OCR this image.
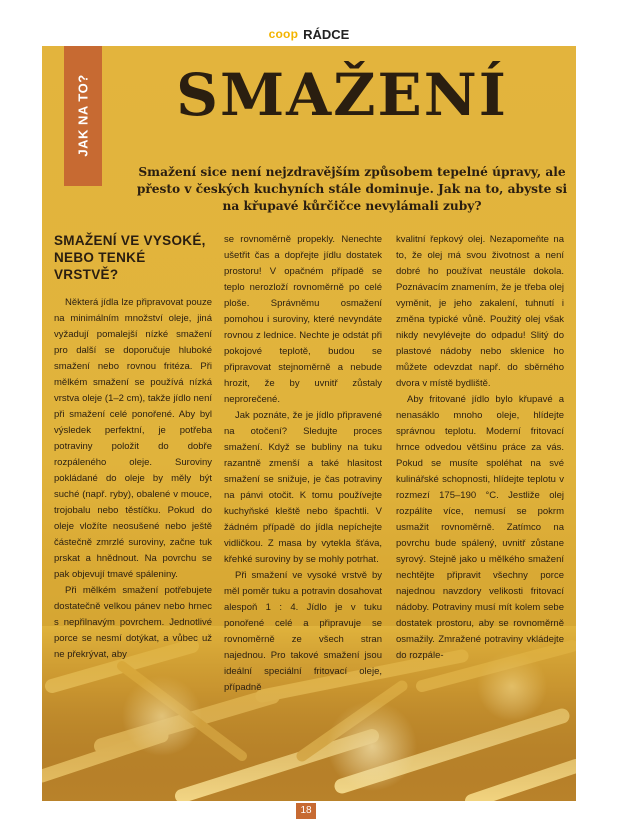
coop RÁDCE
JAK NA TO?	SMAŽENÍ
Smažení sice není nejzdravějším způsobem tepelné úpravy, ale přesto v českých kuchyních stále dominuje. Jak na to, abyste si na křupavé kůrčičce nevylámali zuby?
SMAŽENÍ VE VYSOKÉ, NEBO TENKÉ VRSTVĚ?

Některá jídla lze připravovat pouze na minimálním množství oleje, jiná vyžadují pomalejší nízké smažení pro další se doporučuje hluboké smažení nebo rovnou fritéza. Při mělkém smažení se používá nízká vrstva oleje (1–2 cm), takže jídlo není při smažení celé ponořené. Aby byl výsledek perfektní, je potřeba potraviny položit do dobře rozpáleného oleje. Suroviny pokládané do oleje by měly být suché (např. ryby), obalené v mouce, trojobalu nebo těstíčku. Pokud do oleje vložíte neosušené nebo ještě částečně zmrzlé suroviny, začne tuk prskat a hnědnout. Na povrchu se pak objevují tmavé spáleniny.

Při mělkém smažení potřebujete dostatečně velkou pánev nebo hrnec s nepřilnavým povrchem. Jednotlivé porce se nesmí dotýkat, a vůbec už ne překrývat, aby

se rovnoměrně propekly. Nenechte ušetřit čas a dopřejte jídlu dostatek prostoru! V opačném případě se teplo nerozloží rovnoměrně po celé ploše. Správněmu osmažení pomohou i suroviny, které nevyndáte rovnou z lednice. Nechte je odstát při pokojové teplotě, budou se připravovat stejnoměrně a nebude hrozit, že by uvnitř zůstaly neprorečené.

Jak poznáte, že je jídlo připravené na otočení? Sledujte proces smažení. Když se bubliny na tuku razantně zmenší a také hlasitost smažení se snižuje, je čas potraviny na pánvi otočit. K tomu používejte kuchyňské kleště nebo špachtli. V žádném případě do jídla nepíchejte vidličkou. Z masa by vytekla šťáva, křehké suroviny by se mohly potrhat.

Při smažení ve vysoké vrstvě by měl poměr tuku a potravin dosahovat alespoň 1 : 4. Jídlo je v tuku ponořené celé a připravuje se rovnoměrně ze všech stran najednou. Pro takové smažení jsou ideální speciální fritovací oleje, případně

kvalitní řepkový olej. Nezapomeňte na to, že olej má svou životnost a není dobré ho používat neustále dokola. Poznávacím znamením, že je třeba olej vyměnit, je jeho zakalení, tuhnutí i změna typické vůně. Použitý olej však nikdy nevylévejte do odpadu! Slitý do plastové nádoby nebo sklenice ho můžete odevzdat např. do sběrného dvora v místě bydliště.

Aby fritované jídlo bylo křupavé a nenasáklo mnoho oleje, hlídejte správnou teplotu. Moderní fritovací hrnce odvedou většinu práce za vás. Pokud se musíte spoléhat na své kulinářské schopnosti, hlídejte teplotu v rozmezí 175–190 °C. Jestliže olej rozpálíte více, nemusí se pokrm usmažit rovnoměrně. Zatímco na povrchu bude spálený, uvnitř zůstane syrový. Stejně jako u mělkého smažení nechtějte připravit všechny porce najednou navzdory velikosti fritovací nádoby. Potraviny musí mít kolem sebe dostatek prostoru, aby se rovnoměrně osmažily. Zmražené potraviny vkládejte do rozpále-

18
